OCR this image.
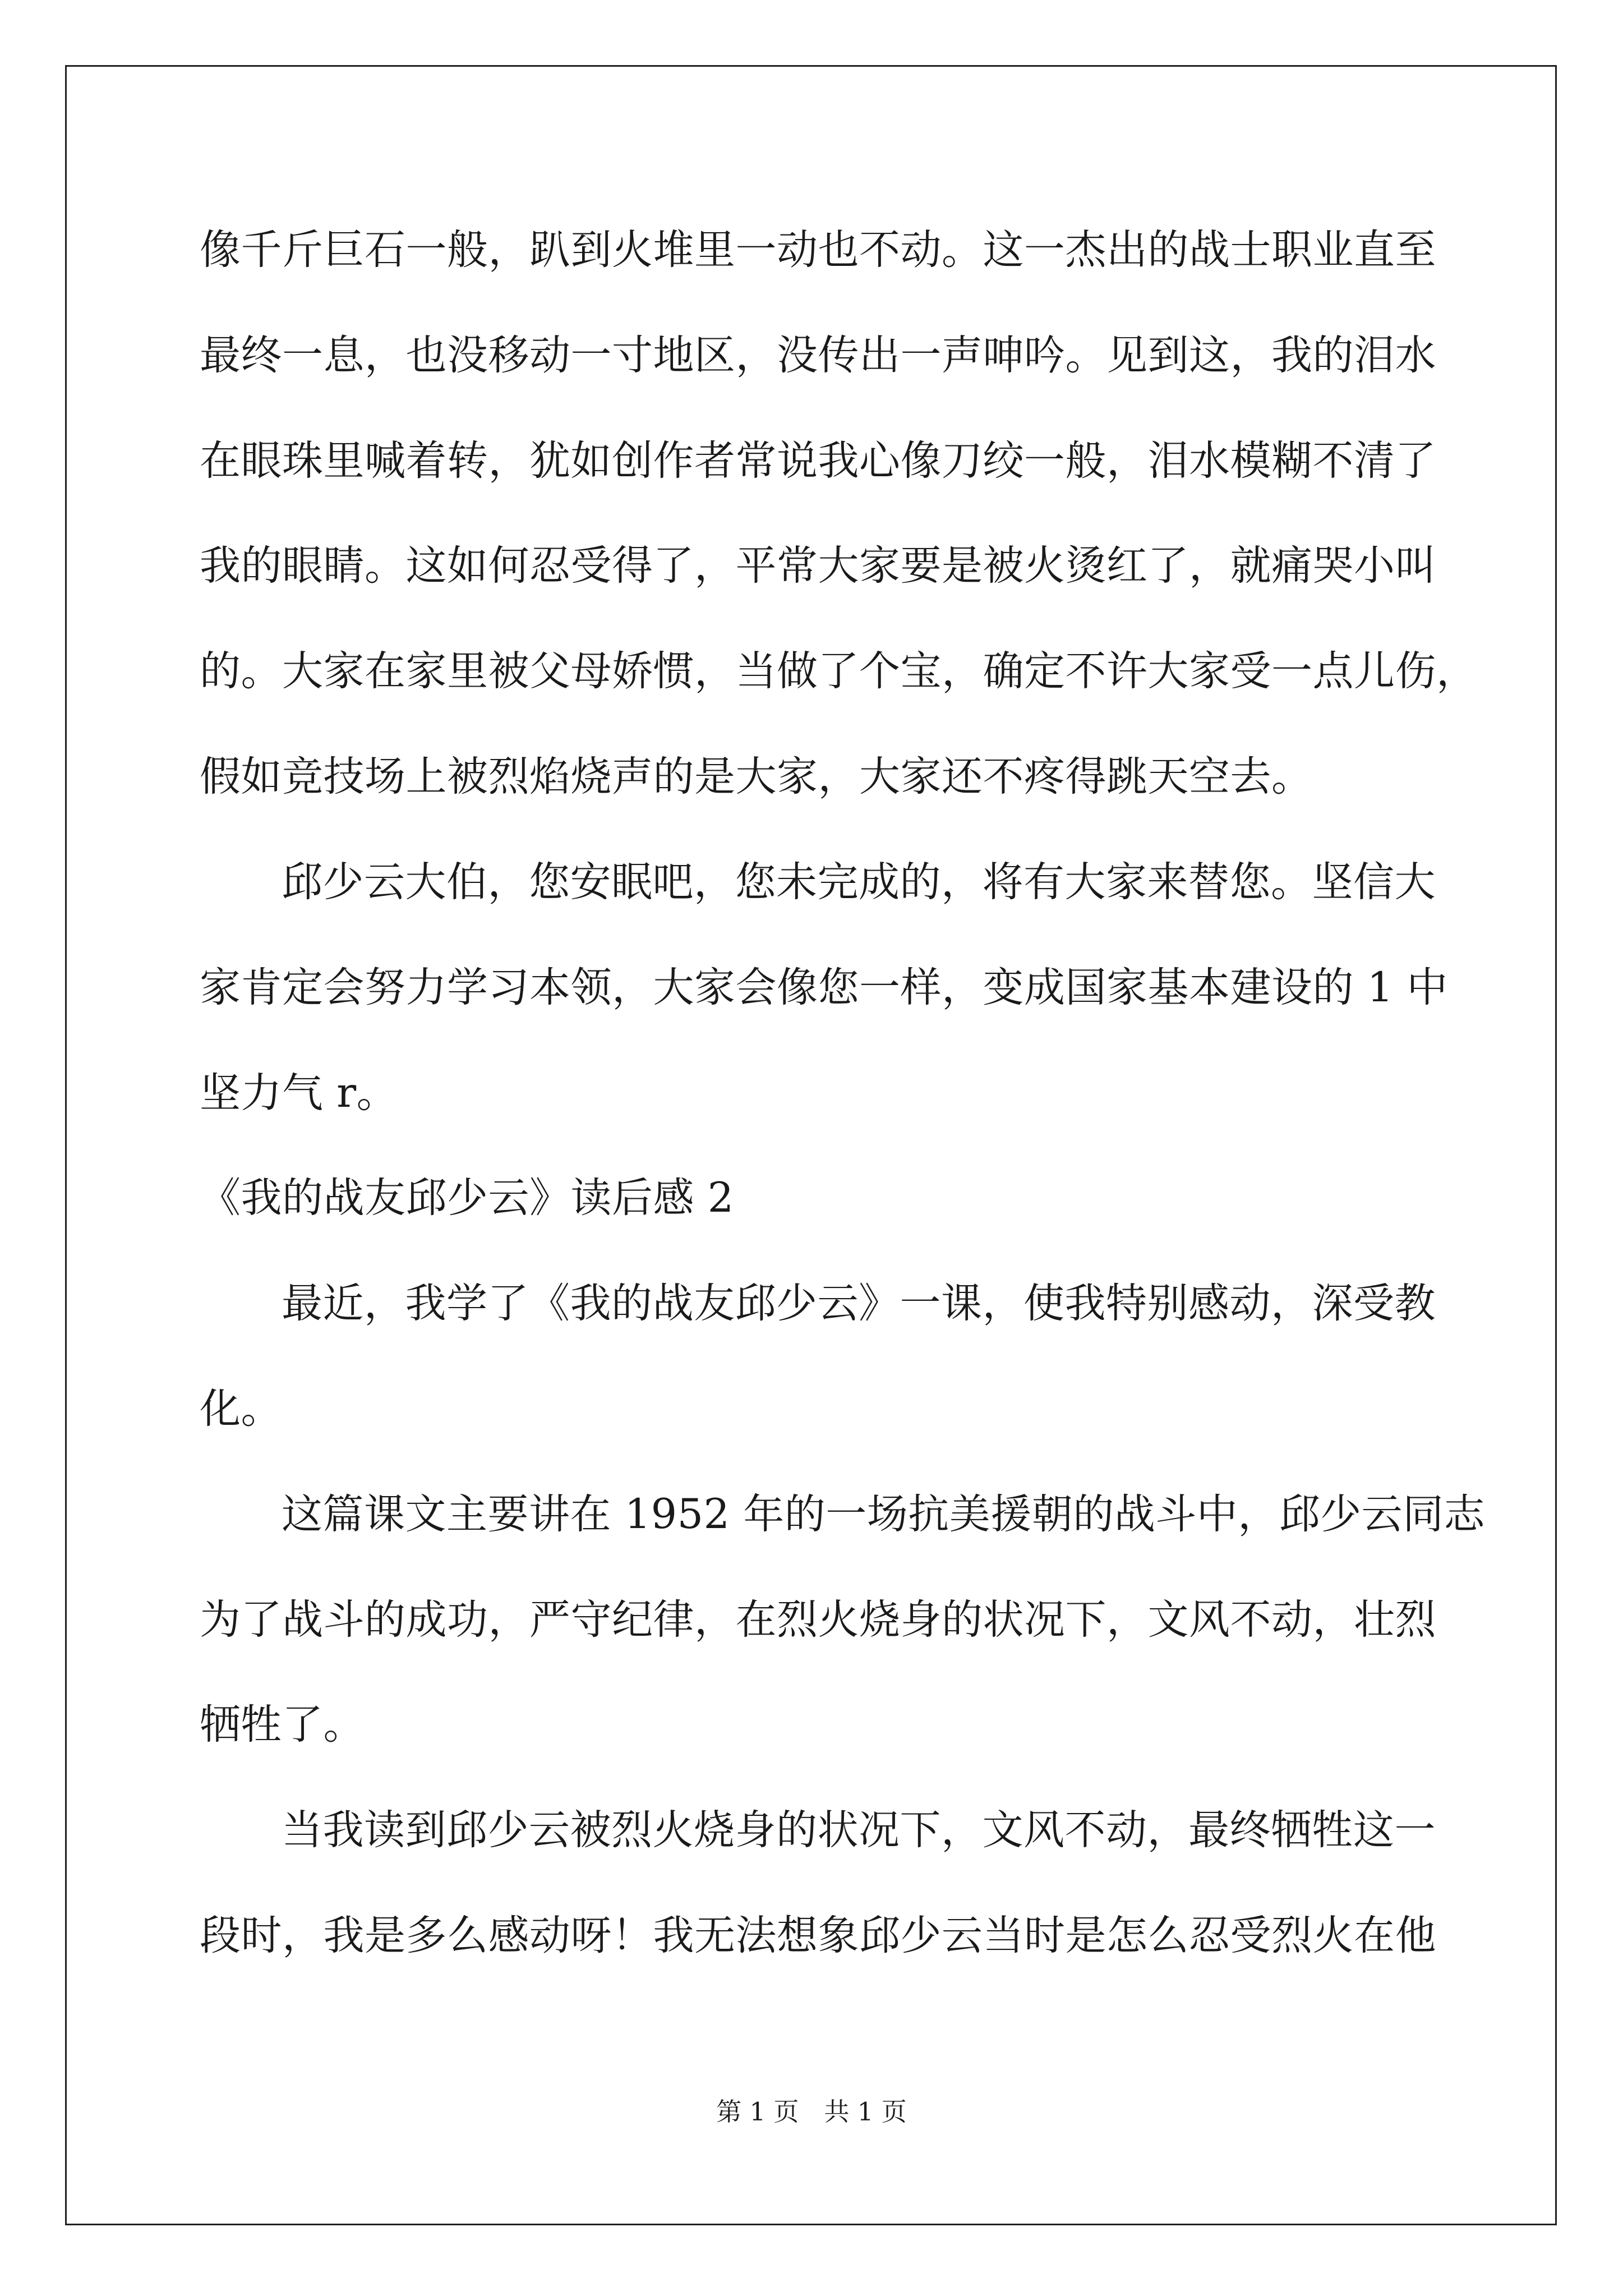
像千斤巨石一般，趴到火堆里一动也不动。这一杰出的战士职业直至
最终一息，也没移动一寸地区，没传出一声呻吟。见到这，我的泪水
在眼珠里喊着转，犹如创作者常说我心像刀绞一般，泪水模糊不清了
我的眼睛。这如何忍受得了，平常大家要是被火烫红了，就痛哭小叫
的。大家在家里被父母娇惯，当做了个宝，确定不许大家受一点儿伤，
假如竞技场上被烈焰烧声的是大家，大家还不疼得跳天空去。
邱少云大伯，您安眠吧，您未完成的，将有大家来替您。坚信大
家肯定会努力学习本领，大家会像您一样，变成国家基本建设的 1 中
坚力气 r。
《我的战友邱少云》读后感 2
最近，我学了《我的战友邱少云》一课，使我特别感动，深受教
化。
这篇课文主要讲在 1952 年的一场抗美援朝的战斗中，邱少云同志
为了战斗的成功，严守纪律，在烈火烧身的状况下，文风不动，壮烈
牺牲了。
当我读到邱少云被烈火烧身的状况下，文风不动，最终牺牲这一
段时，我是多么感动呀！我无法想象邱少云当时是怎么忍受烈火在他
第 1 页　共 1 页
